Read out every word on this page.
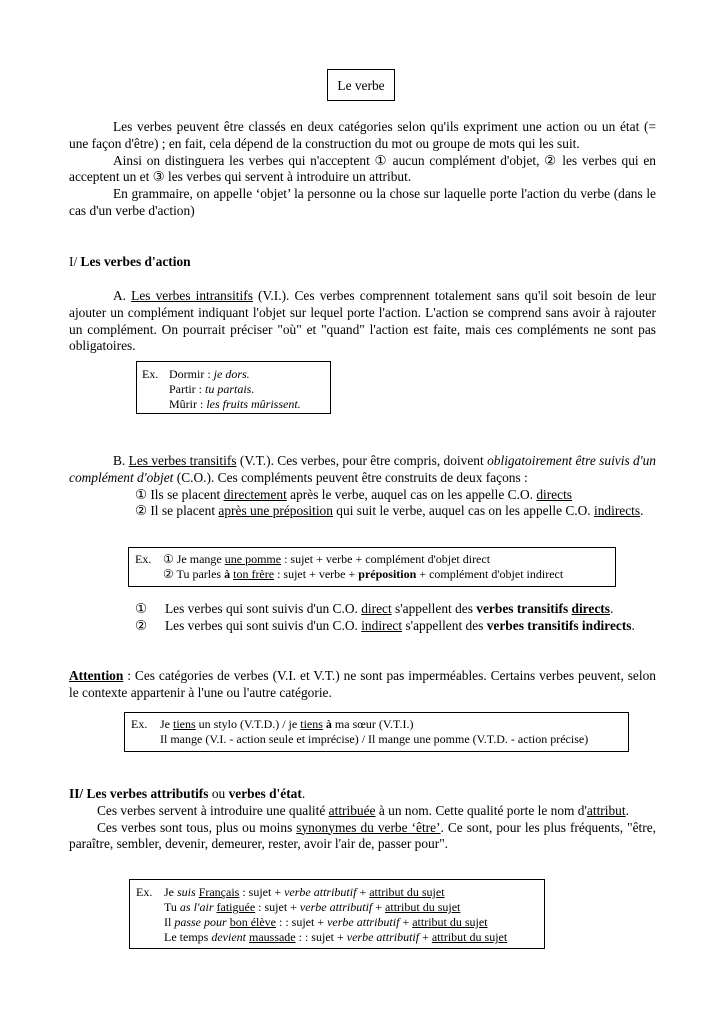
Le verbe

Les verbes peuvent être classés en deux catégories selon qu'ils expriment une action ou un état (= une façon d'être) ; en fait, cela dépend de la construction du mot ou groupe de mots qui les suit.

Ainsi on distinguera les verbes qui n'acceptent ① aucun complément d'objet, ② les verbes qui en acceptent un et ③ les verbes qui servent à introduire un attribut.

En grammaire, on appelle ‘objet’ la personne ou la chose sur laquelle porte l'action du verbe (dans le cas d'un verbe d'action)

I/ Les verbes d'action

A. Les verbes intransitifs (V.I.). Ces verbes comprennent totalement sans qu'il soit besoin de leur ajouter un complément indiquant l'objet sur lequel porte l'action. L'action se comprend sans avoir à rajouter un complément. On pourrait préciser "où" et "quand" l'action est faite, mais ces compléments ne sont pas obligatoires.

Ex. Dormir : je dors.
Partir : tu partais.
Mûrir : les fruits mûrissent.

B. Les verbes transitifs (V.T.). Ces verbes, pour être compris, doivent obligatoirement être suivis d'un complément d'objet (C.O.). Ces compléments peuvent être construits de deux façons :

① Ils se placent directement après le verbe, auquel cas on les appelle C.O. directs

② Il se placent après une préposition qui suit le verbe, auquel cas on les appelle C.O. indirects.

Ex. ① Je mange une pomme : sujet + verbe + complément d'objet direct
② Tu parles à ton frère : sujet + verbe + préposition + complément d'objet indirect

① Les verbes qui sont suivis d'un C.O. direct s'appellent des verbes transitifs directs.

② Les verbes qui sont suivis d'un C.O. indirect s'appellent des verbes transitifs indirects.

Attention : Ces catégories de verbes (V.I. et V.T.) ne sont pas imperméables. Certains verbes peuvent, selon le contexte appartenir à l'une ou l'autre catégorie.

Ex. Je tiens un stylo (V.T.D.) / je tiens à ma sœur (V.T.I.)
Il mange (V.I. - action seule et imprécise) / Il mange une pomme (V.T.D. - action précise)

II/ Les verbes attributifs ou verbes d'état.

Ces verbes servent à introduire une qualité attribuée à un nom. Cette qualité porte le nom d'attribut.

Ces verbes sont tous, plus ou moins synonymes du verbe ‘être’. Ce sont, pour les plus fréquents, "être, paraître, sembler, devenir, demeurer, rester, avoir l'air de, passer pour".

Ex. Je suis Français : sujet + verbe attributif + attribut du sujet
Tu as l'air fatiguée : sujet + verbe attributif + attribut du sujet
Il passe pour bon élève : : sujet + verbe attributif + attribut du sujet
Le temps devient maussade : : sujet + verbe attributif + attribut du sujet
